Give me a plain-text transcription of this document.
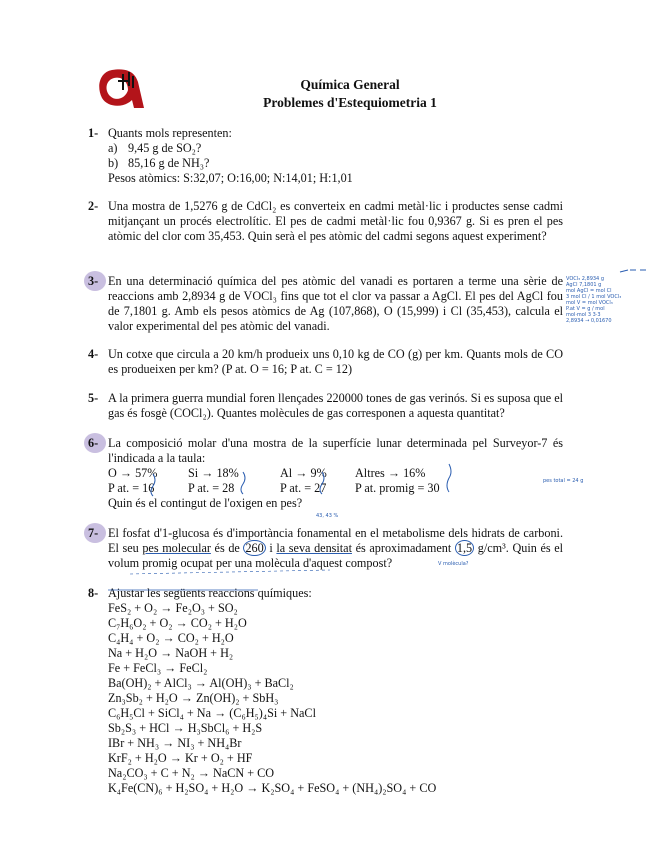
Química General
Problemes d'Estequiometria 1
1- Quants mols representen:
a) 9,45 g de SO₂?
b) 85,16 g de NH₃?
Pesos atòmics: S:32,07; O:16,00; N:14,01; H:1,01
2- Una mostra de 1,5276 g de CdCl₂ es converteix en cadmi metàl·lic i productes sense cadmi mitjançant un procés electrolític. El pes de cadmi metàl·lic fou 0,9367 g. Si es pren el pes atòmic del clor com 35,453. Quin serà el pes atòmic del cadmi segons aquest experiment?
3- En una determinació química del pes atòmic del vanadi es portaren a terme una sèrie de reaccions amb 2,8934 g de VOCl₃ fins que tot el clor va passar a AgCl. El pes del AgCl fou de 7,1801 g. Amb els pesos atòmics de Ag (107,868), O (15,999) i Cl (35,453), calcula el valor experimental del pes atòmic del vanadi.
VOCl₃ 2,8934 g
AgCl 7,1801 g
mol AgCl = mol Cl
3 mol Cl / 1 mol VOCl₃
mol V = mol VOCl₃
P.at V = g / mol
mol·mol 3 3·3
2,8934 → 0,01670
4- Un cotxe que circula a 20 km/h produeix uns 0,10 kg de CO (g) per km. Quants mols de CO es produeixen per km? (P at. O = 16; P at. C = 12)
5- A la primera guerra mundial foren llençades 220000 tones de gas verinós. Si es suposa que el gas és fosgè (COCl₂). Quantes molècules de gas corresponen a aquesta quantitat?
6- La composició molar d'una mostra de la superfície lunar determinada pel Surveyor-7 és l'indicada a la taula:
O → 57%	Si → 18%	Al → 9% Altres → 16%
P at. = 16	P at. = 28	P at. = 27 P at. promig = 30
Quin és el contingut de l'oxigen en pes?
pes total = 24 g
43, 43 %
7- El fosfat d'1-glucosa és d'importància fonamental en el metabolisme dels hidrats de carboni. El seu pes molecular és de 260 i la seva densitat és aproximadament 1,5 g/cm³. Quin és el volum promig ocupat per una molècula d'aquest compost?	V molècula?
8- Ajustar les següents reaccions químiques:
FeS₂ + O₂ → Fe₂O₃ + SO₂
C₇H₆O₂ + O₂ → CO₂ + H₂O
C₄H₄ + O₂ → CO₂ + H₂O
Na + H₂O → NaOH + H₂
Fe + FeCl₃ → FeCl₂
Ba(OH)₂ + AlCl₃ → Al(OH)₃ + BaCl₂
Zn₃Sb₂ + H₂O → Zn(OH)₂ + SbH₃
C₆H₅Cl + SiCl₄ + Na → (C₆H₅)₄Si + NaCl
Sb₂S₃ + HCl → H₃SbCl₆ + H₂S
IBr + NH₃ → NI₃ + NH₄Br
KrF₂ + H₂O → Kr + O₂ + HF
Na₂CO₃ + C + N₂ → NaCN + CO
K₄Fe(CN)₆ + H₂SO₄ + H₂O → K₂SO₄ + FeSO₄ + (NH₄)₂SO₄ + CO
